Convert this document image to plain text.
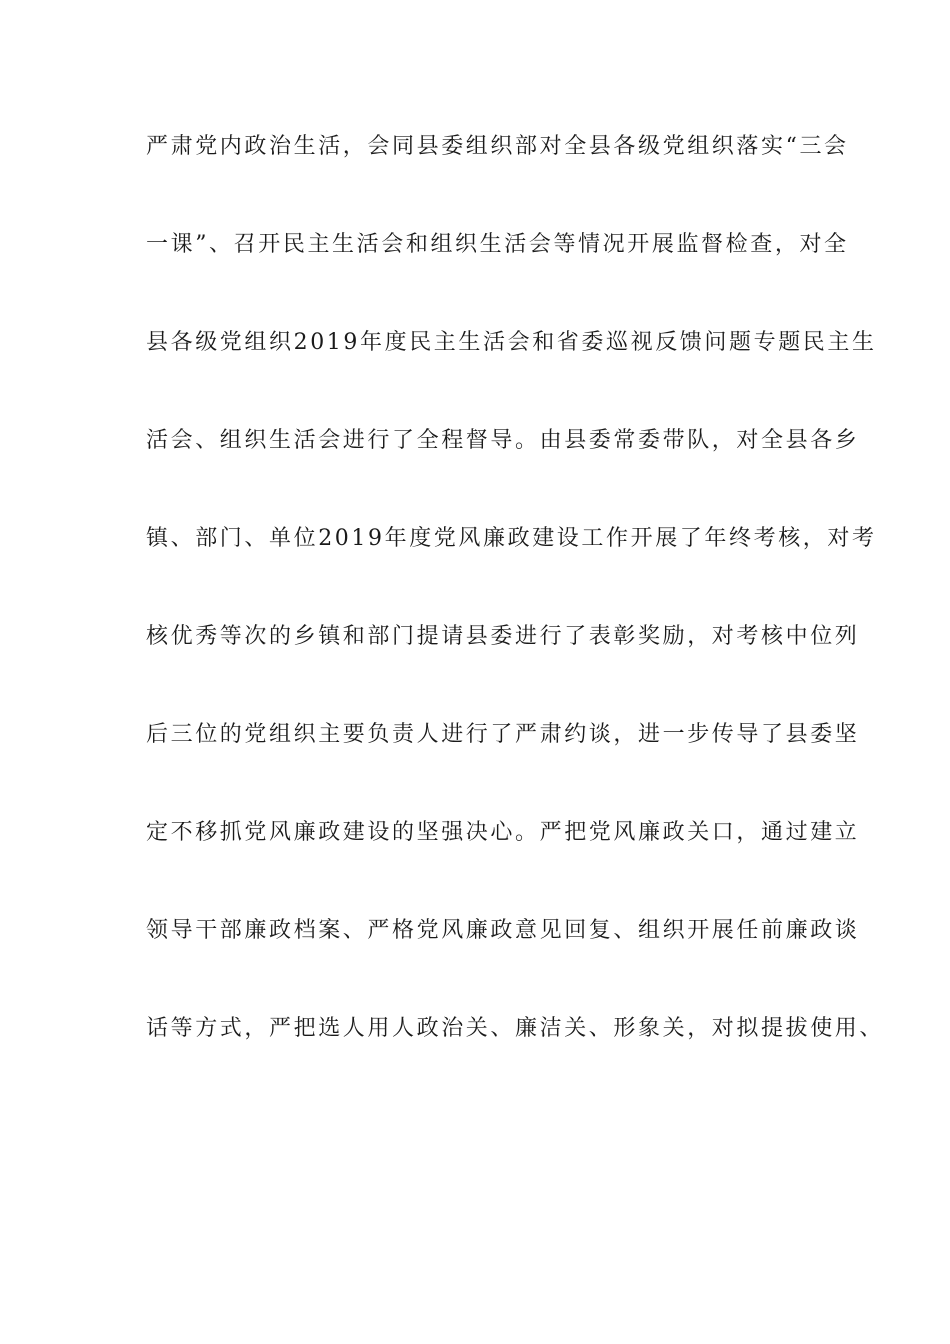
严肃党内政治生活，会同县委组织部对全县各级党组织落实“三会
一课”、召开民主生活会和组织生活会等情况开展监督检查，对全
县各级党组织2019年度民主生活会和省委巡视反馈问题专题民主生
活会、组织生活会进行了全程督导。由县委常委带队，对全县各乡
镇、部门、单位2019年度党风廉政建设工作开展了年终考核，对考
核优秀等次的乡镇和部门提请县委进行了表彰奖励，对考核中位列
后三位的党组织主要负责人进行了严肃约谈，进一步传导了县委坚
定不移抓党风廉政建设的坚强决心。严把党风廉政关口，通过建立
领导干部廉政档案、严格党风廉政意见回复、组织开展任前廉政谈
话等方式，严把选人用人政治关、廉洁关、形象关，对拟提拔使用、
